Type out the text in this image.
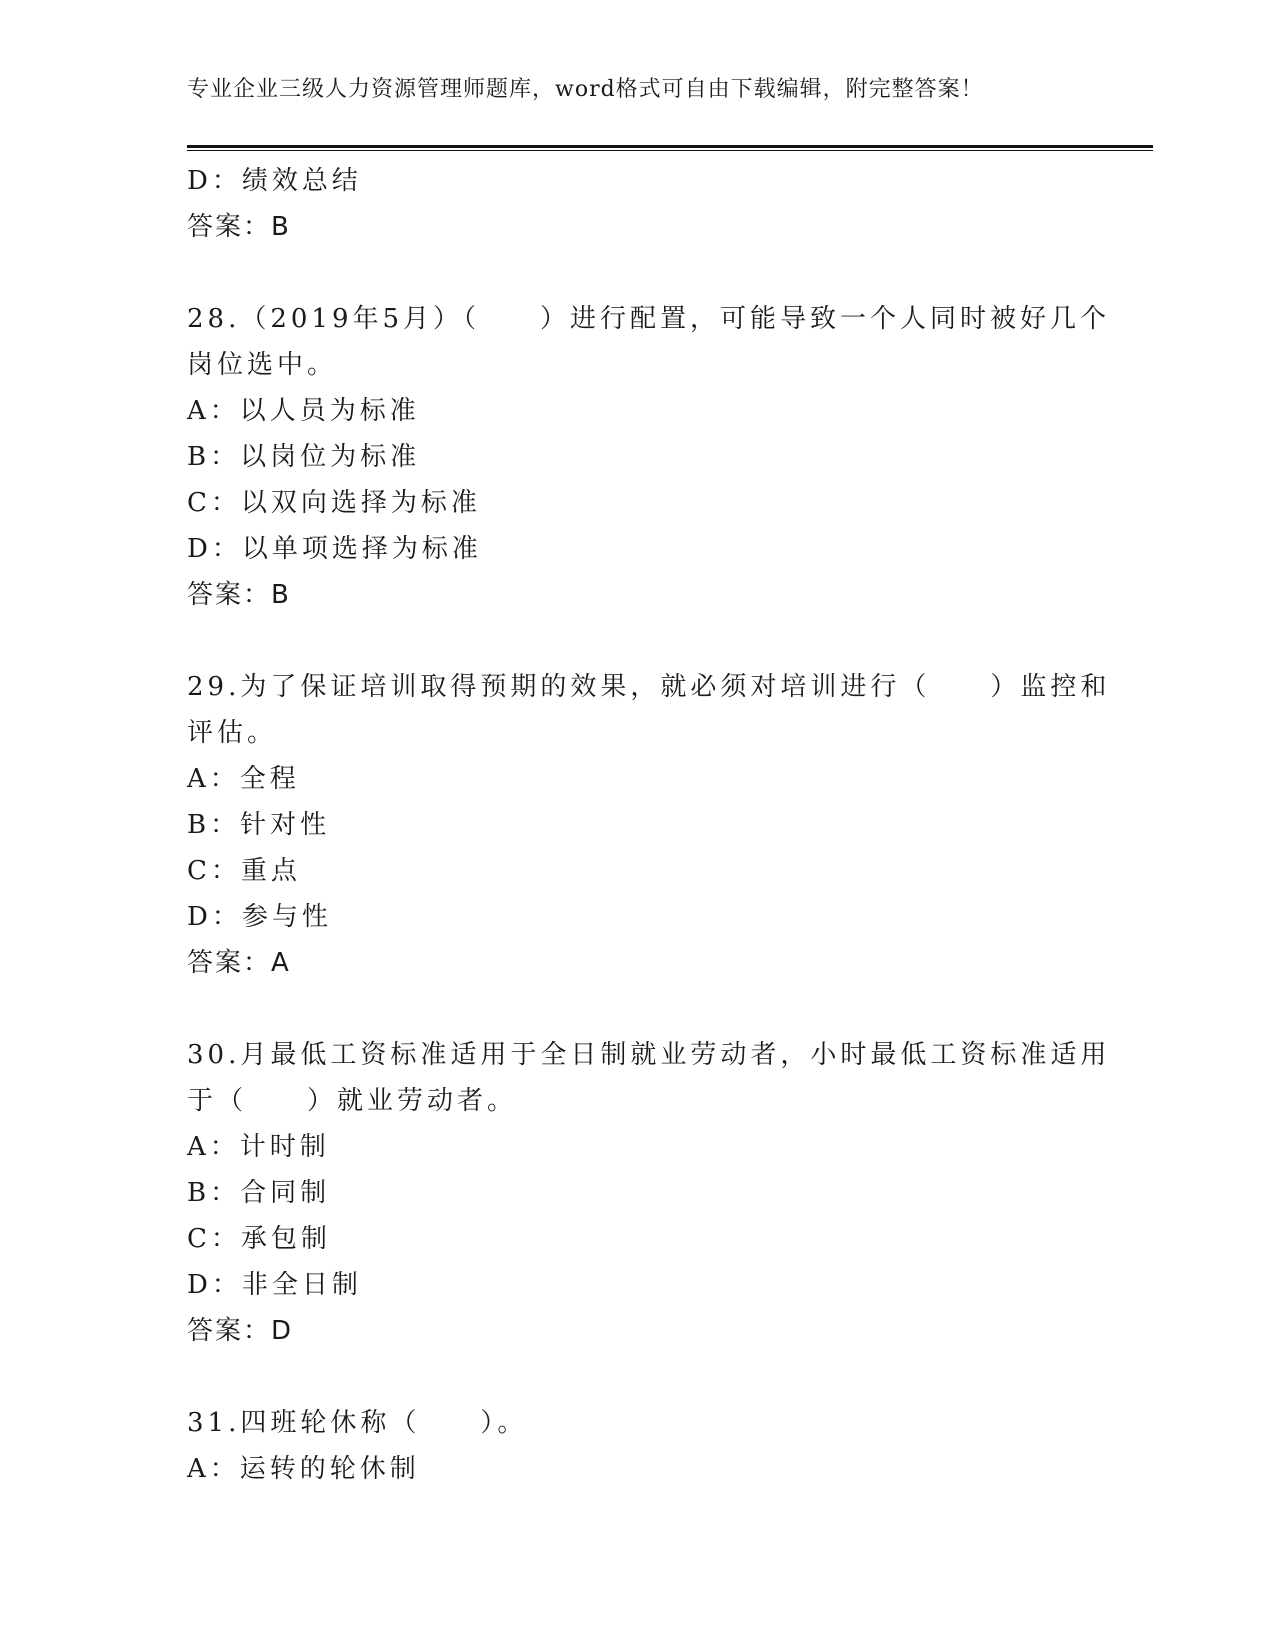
专业企业三级人力资源管理师题库，word格式可自由下载编辑，附完整答案！
D：绩效总结
答案：B
28.（2019年5月）（　　）进行配置，可能导致一个人同时被好几个
岗位选中。
A：以人员为标准
B：以岗位为标准
C：以双向选择为标准
D：以单项选择为标准
答案：B
29.为了保证培训取得预期的效果，就必须对培训进行（　　）监控和
评估。
A：全程
B：针对性
C：重点
D：参与性
答案：A
30.月最低工资标准适用于全日制就业劳动者，小时最低工资标准适用
于（　　）就业劳动者。
A：计时制
B：合同制
C：承包制
D：非全日制
答案：D
31.四班轮休称（　　）。
A：运转的轮休制
